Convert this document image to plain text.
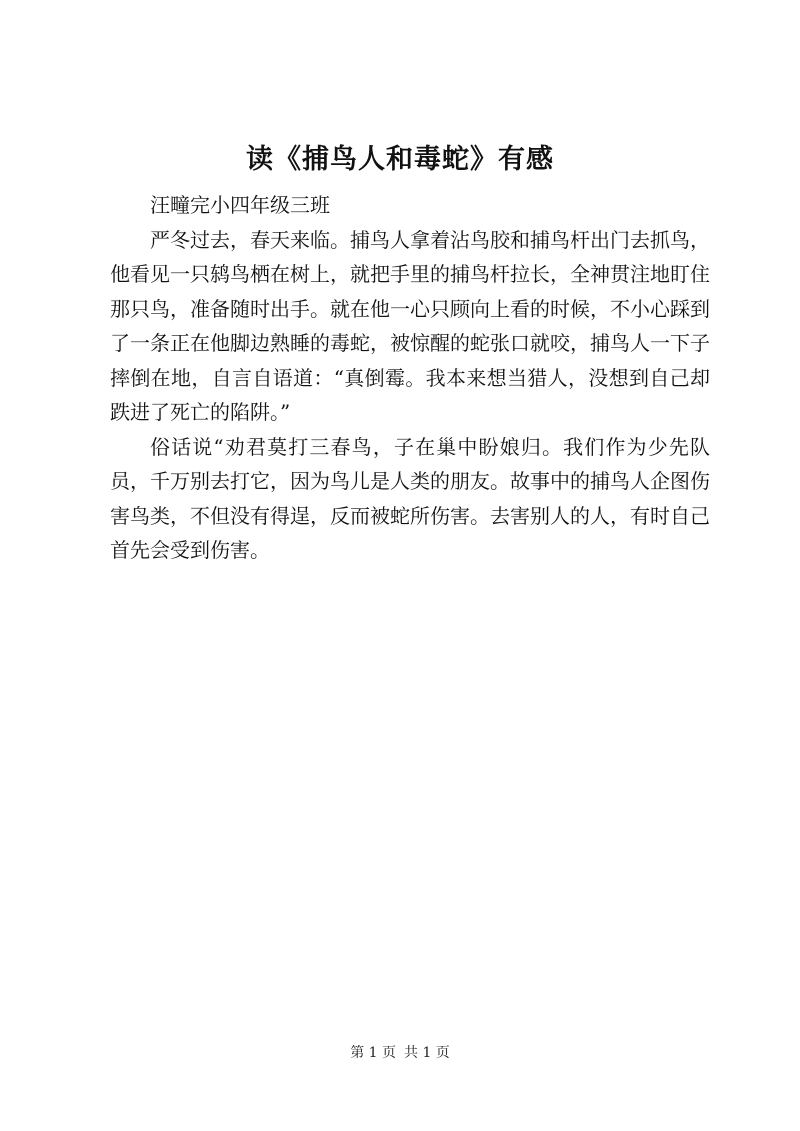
读《捕鸟人和毒蛇》有感

汪疃完小四年级三班

严冬过去，春天来临。捕鸟人拿着沾鸟胶和捕鸟杆出门去抓鸟，他看见一只鸫鸟栖在树上，就把手里的捕鸟杆拉长，全神贯注地盯住那只鸟，准备随时出手。就在他一心只顾向上看的时候，不小心踩到了一条正在他脚边熟睡的毒蛇，被惊醒的蛇张口就咬，捕鸟人一下子摔倒在地，自言自语道：“真倒霉。我本来想当猎人，没想到自己却跌进了死亡的陷阱。”

俗话说“劝君莫打三春鸟，子在巢中盼娘归。我们作为少先队员，千万别去打它，因为鸟儿是人类的朋友。故事中的捕鸟人企图伤害鸟类，不但没有得逞，反而被蛇所伤害。去害别人的人，有时自己首先会受到伤害。

第 1 页 共 1 页
